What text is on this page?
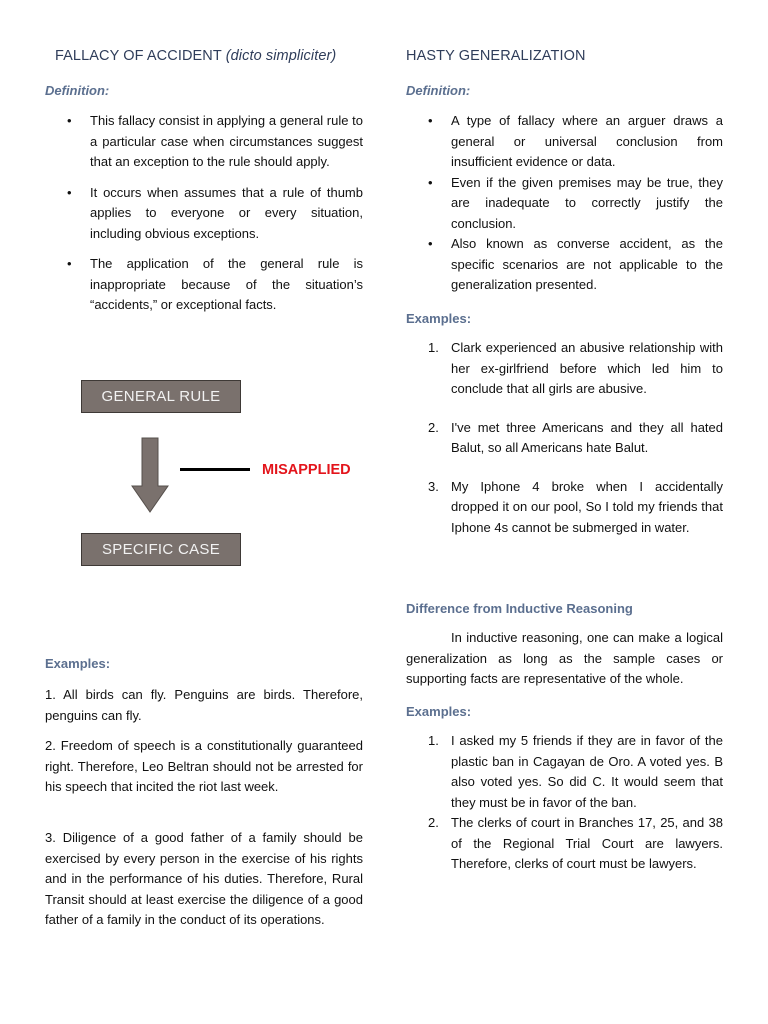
FALLACY OF ACCIDENT (dicto simpliciter)
Definition:
• This fallacy consist in applying a general rule to a particular case when circumstances suggest that an exception to the rule should apply.
• It occurs when assumes that a rule of thumb applies to everyone or every situation, including obvious exceptions.
• The application of the general rule is inappropriate because of the situation’s “accidents,” or exceptional facts.
GENERAL RULE
MISAPPLIED
SPECIFIC CASE
Examples:
1. All birds can fly. Penguins are birds. Therefore, penguins can fly.
2. Freedom of speech is a constitutionally guaranteed right. Therefore, Leo Beltran should not be arrested for his speech that incited the riot last week.
3. Diligence of a good father of a family should be exercised by every person in the exercise of his rights and in the performance of his duties. Therefore, Rural Transit should at least exercise the diligence of a good father of a family in the conduct of its operations.
HASTY GENERALIZATION
Definition:
• A type of fallacy where an arguer draws a general or universal conclusion from insufficient evidence or data.
• Even if the given premises may be true, they are inadequate to correctly justify the conclusion.
• Also known as converse accident, as the specific scenarios are not applicable to the generalization presented.
Examples:
1. Clark experienced an abusive relationship with her ex-girlfriend before which led him to conclude that all girls are abusive.
2. I've met three Americans and they all hated Balut, so all Americans hate Balut.
3. My Iphone 4 broke when I accidentally dropped it on our pool, So I told my friends that Iphone 4s cannot be submerged in water.
Difference from Inductive Reasoning
In inductive reasoning, one can make a logical generalization as long as the sample cases or supporting facts are representative of the whole.
Examples:
1. I asked my 5 friends if they are in favor of the plastic ban in Cagayan de Oro. A voted yes. B also voted yes. So did C. It would seem that they must be in favor of the ban.
2. The clerks of court in Branches 17, 25, and 38 of the Regional Trial Court are lawyers. Therefore, clerks of court must be lawyers.
